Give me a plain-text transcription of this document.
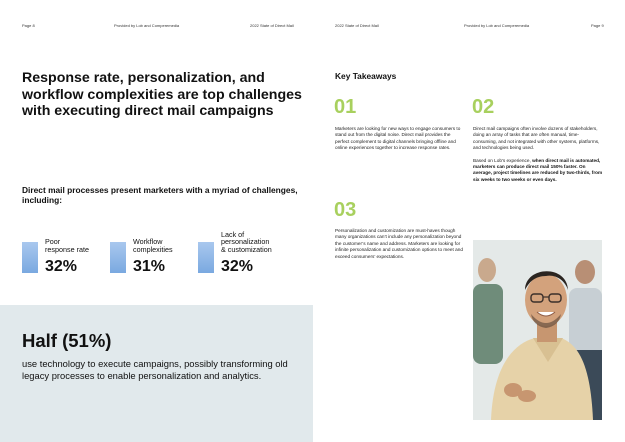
Page 8	Provided by Lob and Comperemedia	2022 State of Direct Mail
Response rate, personalization, and workflow complexities are top challenges with executing direct mail campaigns
Direct mail processes present marketers with a myriad of challenges, including:
Poor
response rate
32%
Workflow
complexities
31%
Lack of
personalization
& customization
32%
Half (51%)
use technology to execute campaigns, possibly transforming old legacy processes to enable personalization and analytics.
2022 State of Direct Mail	Provided by Lob and Comperemedia	Page 9
Key Takeaways
01

Marketers are looking for new ways to engage consumers to stand out from the digital noise. Direct mail provides the perfect complement to digital channels bringing offline and online experiences together to increase response rates.

02

Direct mail campaigns often involve dozens of stakeholders, doing an array of tasks that are often manual, time-consuming, and not integrated with other systems, platforms, and technologies being used.

Based on Lob’s experience, when direct mail is automated, marketers can produce direct mail 150% faster. On average, project timelines are reduced by two-thirds, from six weeks to two weeks or even days.

03

Personalization and customization are must-haves though many organizations can’t include any personalization beyond the customer’s name and address. Marketers are looking for infinite personalization and customization options to meet and exceed consumers’ expectations.
